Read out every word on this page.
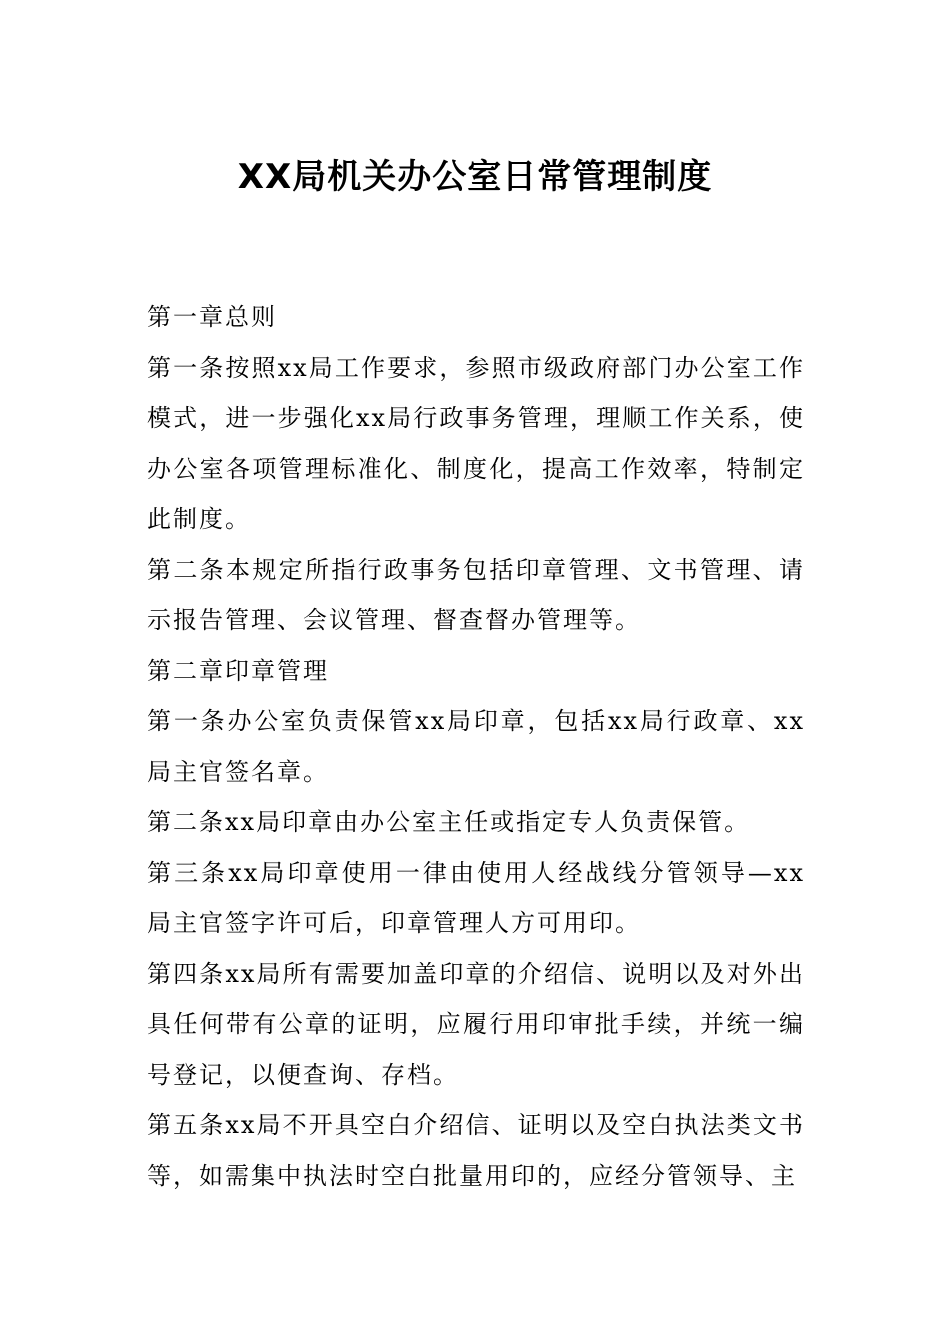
XX局机关办公室日常管理制度

第一章总则

第一条按照xx局工作要求，参照市级政府部门办公室工作模式，进一步强化xx局行政事务管理，理顺工作关系，使办公室各项管理标准化、制度化，提高工作效率，特制定此制度。

第二条本规定所指行政事务包括印章管理、文书管理、请示报告管理、会议管理、督查督办管理等。

第二章印章管理

第一条办公室负责保管xx局印章，包括xx局行政章、xx局主官签名章。

第二条xx局印章由办公室主任或指定专人负责保管。

第三条xx局印章使用一律由使用人经战线分管领导—xx局主官签字许可后，印章管理人方可用印。

第四条xx局所有需要加盖印章的介绍信、说明以及对外出具任何带有公章的证明，应履行用印审批手续，并统一编号登记，以便查询、存档。

第五条xx局不开具空白介绍信、证明以及空白执法类文书等，如需集中执法时空白批量用印的，应经分管领导、主
